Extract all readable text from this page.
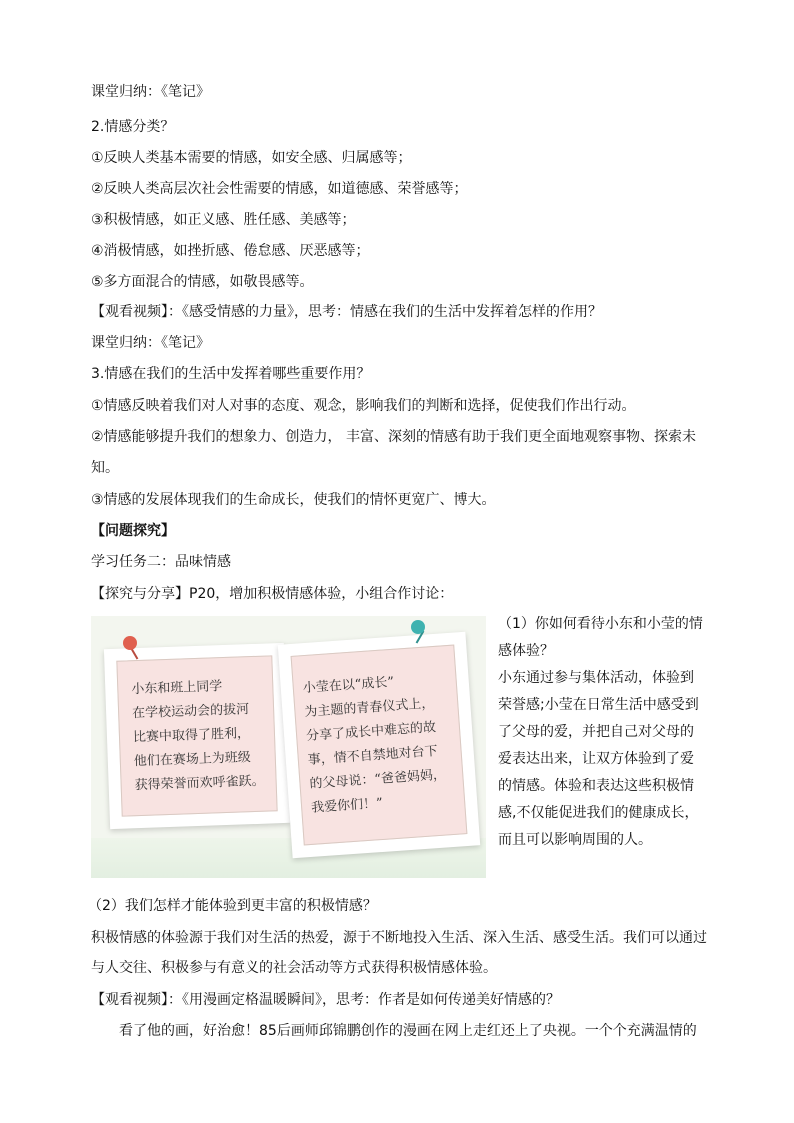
课堂归纳：《笔记》
2.情感分类？
①反映人类基本需要的情感，如安全感、归属感等；
②反映人类高层次社会性需要的情感，如道德感、荣誉感等；
③积极情感，如正义感、胜任感、美感等；
④消极情感，如挫折感、倦怠感、厌恶感等；
⑤多方面混合的情感，如敬畏感等。
【观看视频】：《感受情感的力量》，思考：情感在我们的生活中发挥着怎样的作用？
课堂归纳：《笔记》
3.情感在我们的生活中发挥着哪些重要作用？
①情感反映着我们对人对事的态度、观念，影响我们的判断和选择，促使我们作出行动。
②情感能够提升我们的想象力、创造力， 丰富、深刻的情感有助于我们更全面地观察事物、探索未
知。
③情感的发展体现我们的生命成长，使我们的情怀更宽广、博大。
【问题探究】
学习任务二：品味情感
【探究与分享】P20，增加积极情感体验，小组合作讨论：
小东和班上同学
在学校运动会的拔河
比赛中取得了胜利，
他们在赛场上为班级
获得荣誉而欢呼雀跃。
小莹在以“成长”
为主题的青春仪式上，
分享了成长中难忘的故
事，情不自禁地对台下
的父母说：“爸爸妈妈，
我爱你们！”

（1）你如何看待小东和小莹的情

感体验？

小东通过参与集体活动，体验到

荣誉感;小莹在日常生活中感受到

了父母的爱，并把自己对父母的

爱表达出来，让双方体验到了爱

的情感。体验和表达这些积极情

感,不仅能促进我们的健康成长，

而且可以影响周围的人。

（2）我们怎样才能体验到更丰富的积极情感？
积极情感的体验源于我们对生活的热爱，源于不断地投入生活、深入生活、感受生活。我们可以通过
与人交往、积极参与有意义的社会活动等方式获得积极情感体验。
【观看视频】：《用漫画定格温暖瞬间》，思考：作者是如何传递美好情感的？
看了他的画，好治愈！85后画师邱锦鹏创作的漫画在网上走红还上了央视。一个个充满温情的
